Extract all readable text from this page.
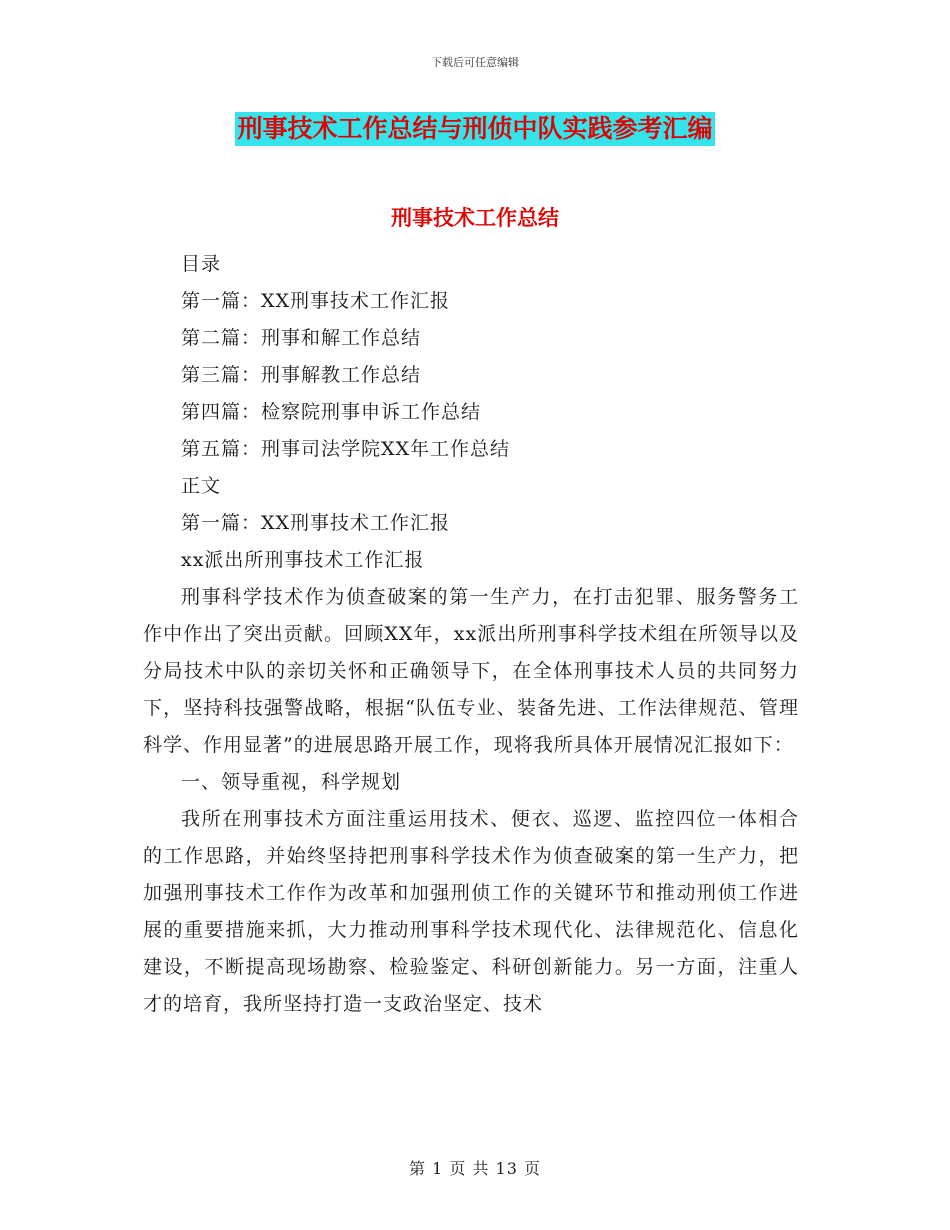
下载后可任意编辑
刑事技术工作总结与刑侦中队实践参考汇编
刑事技术工作总结

目录

第一篇：XX刑事技术工作汇报

第二篇：刑事和解工作总结

第三篇：刑事解教工作总结

第四篇：检察院刑事申诉工作总结

第五篇：刑事司法学院XX年工作总结

正文

第一篇：XX刑事技术工作汇报

xx派出所刑事技术工作汇报

刑事科学技术作为侦查破案的第一生产力，在打击犯罪、服务警务工作中作出了突出贡献。回顾XX年，xx派出所刑事科学技术组在所领导以及分局技术中队的亲切关怀和正确领导下，在全体刑事技术人员的共同努力下，坚持科技强警战略，根据“队伍专业、装备先进、工作法律规范、管理科学、作用显著”的进展思路开展工作，现将我所具体开展情况汇报如下：

一、领导重视，科学规划

我所在刑事技术方面注重运用技术、便衣、巡逻、监控四位一体相合的工作思路，并始终坚持把刑事科学技术作为侦查破案的第一生产力，把加强刑事技术工作作为改革和加强刑侦工作的关键环节和推动刑侦工作进展的重要措施来抓，大力推动刑事科学技术现代化、法律规范化、信息化建设，不断提高现场勘察、检验鉴定、科研创新能力。另一方面，注重人才的培育，我所坚持打造一支政治坚定、技术

第 1 页 共 13 页
